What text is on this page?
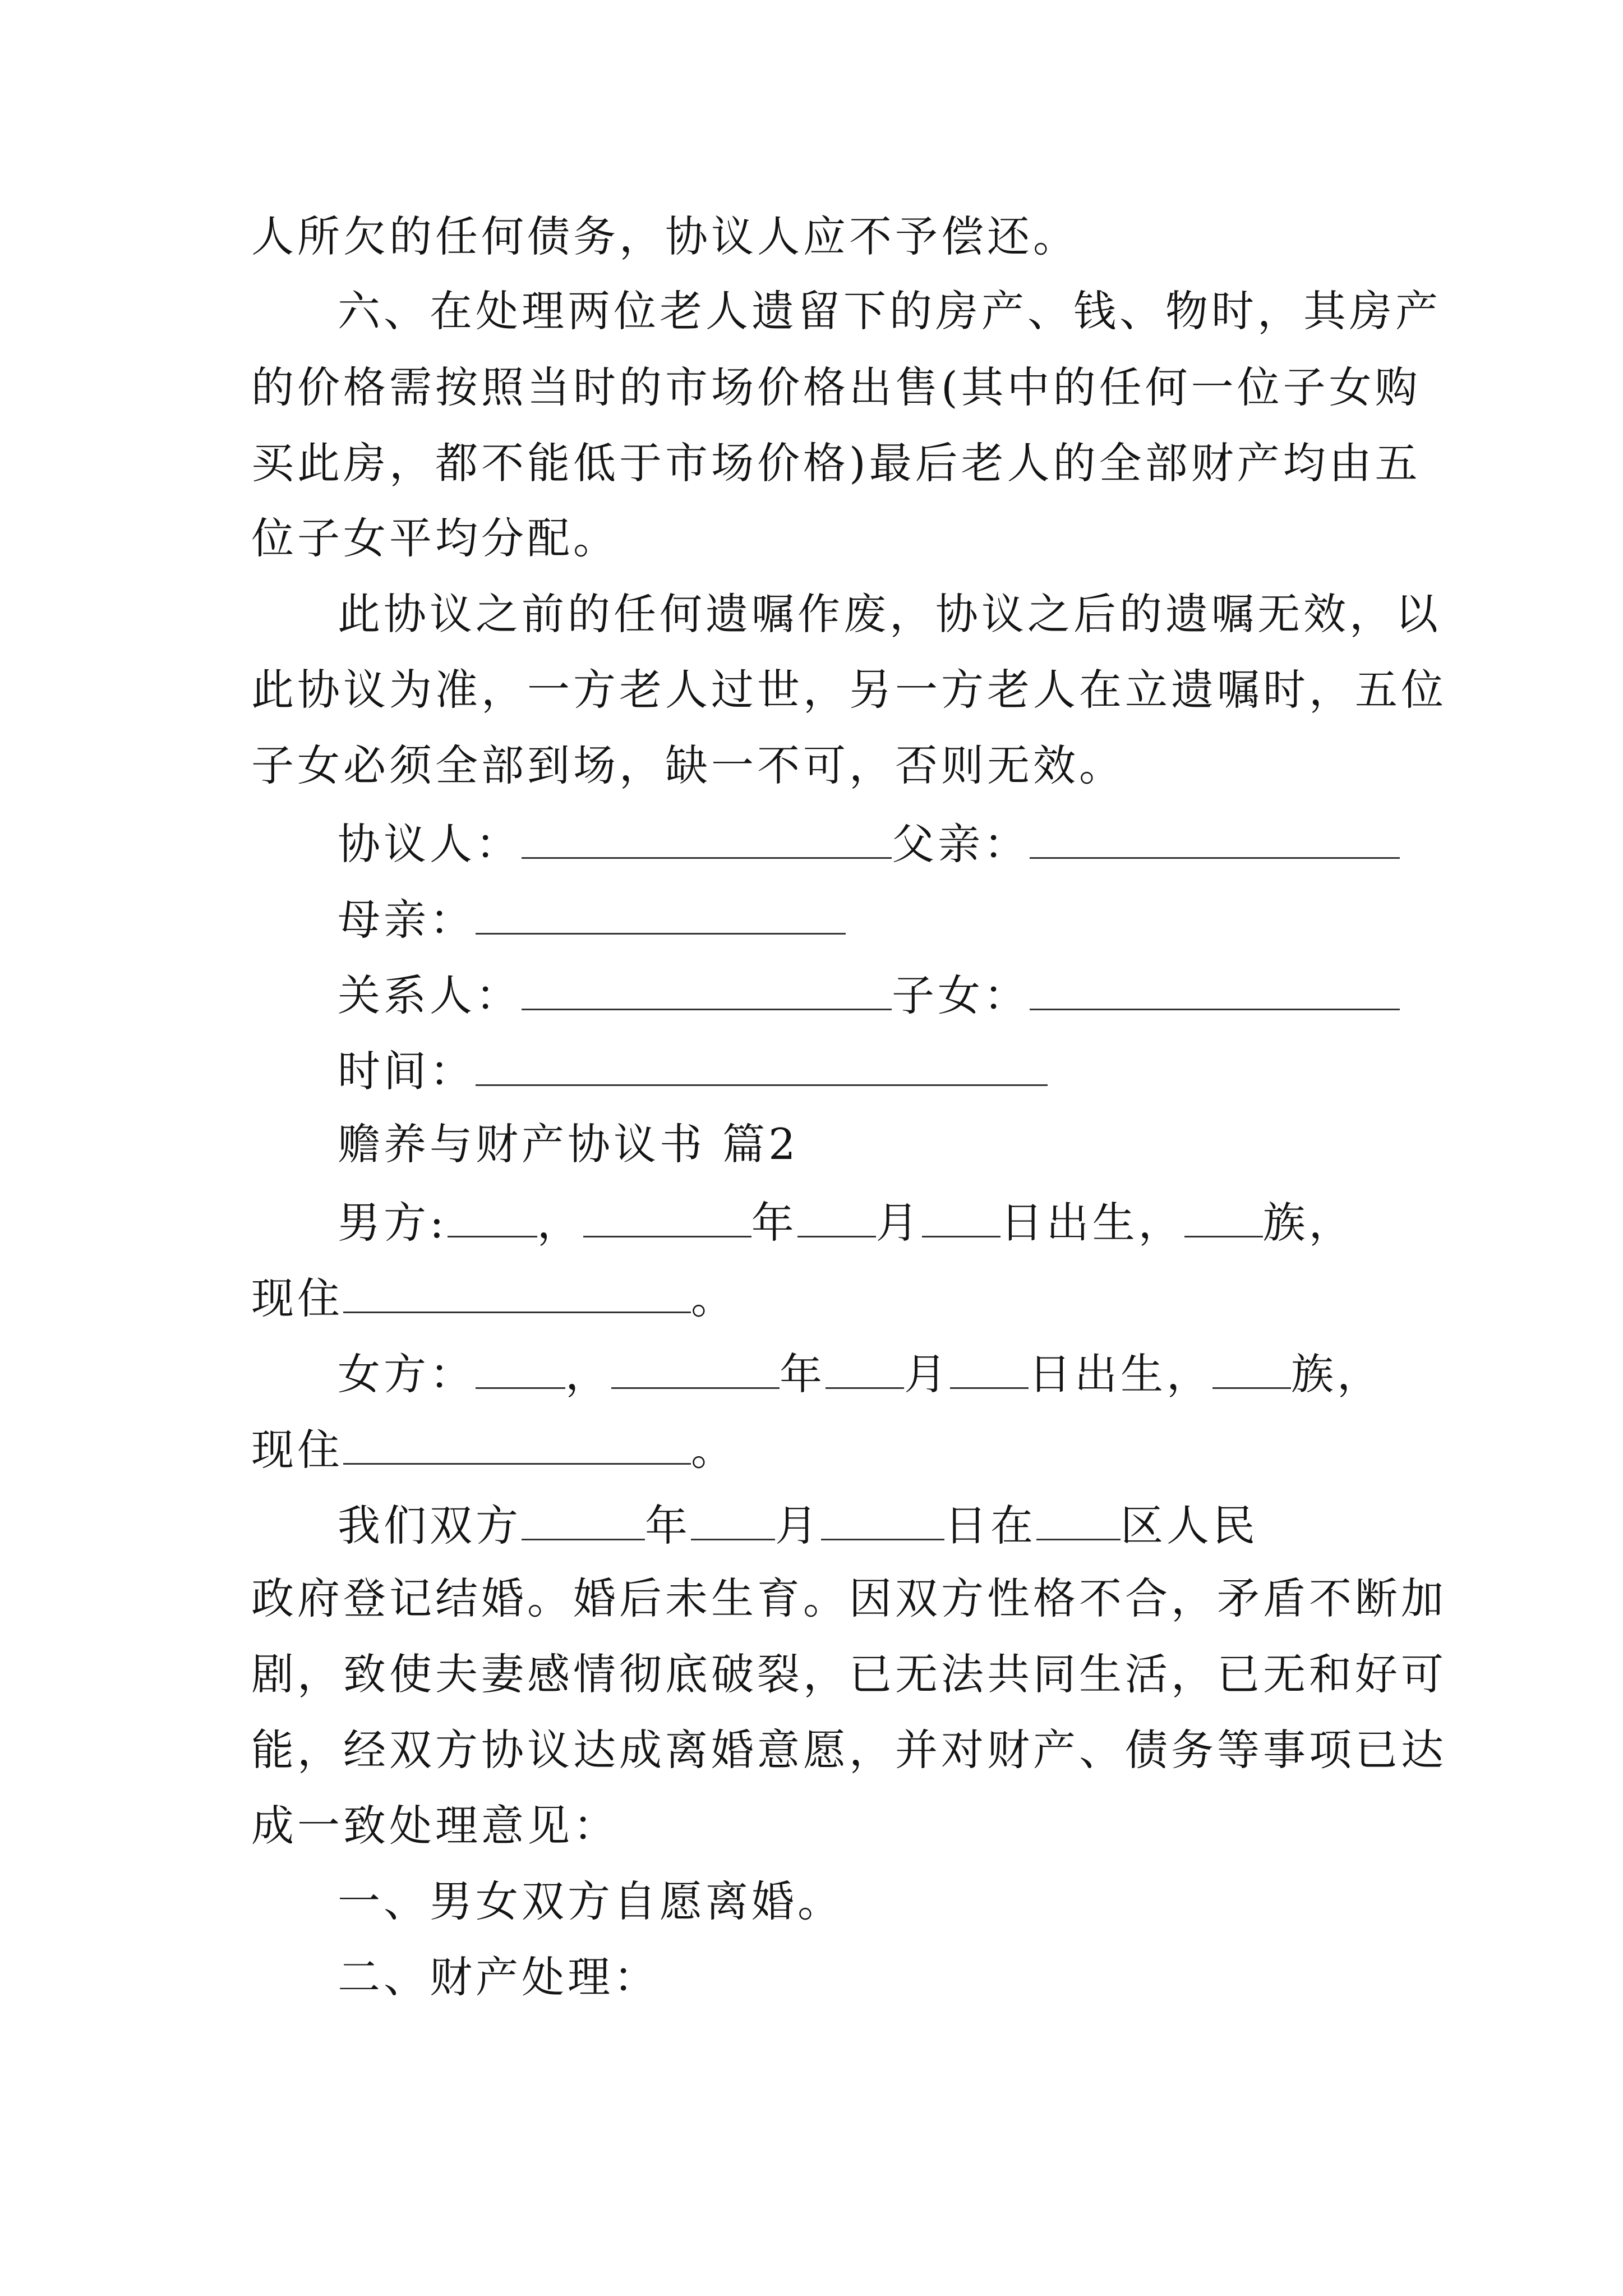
人所欠的任何债务，协议人应不予偿还。
六、在处理两位老人遗留下的房产、钱、物时，其房产
的价格需按照当时的市场价格出售(其中的任何一位子女购
买此房，都不能低于市场价格)最后老人的全部财产均由五
位子女平均分配。
此协议之前的任何遗嘱作废，协议之后的遗嘱无效，以
此协议为准，一方老人过世，另一方老人在立遗嘱时，五位
子女必须全部到场，缺一不可，否则无效。
协议人：	父亲：
母亲：
关系人：	子女：
时间：
赡养与财产协议书 篇2
男方: ，	年 月 日出生， 族，
现住	。
女方： ，	年 月 日出生， 族，
现住	。
我们双方	年 月	日在 区人民
政府登记结婚。婚后未生育。因双方性格不合，矛盾不断加
剧，致使夫妻感情彻底破裂，已无法共同生活，已无和好可
能，经双方协议达成离婚意愿，并对财产、债务等事项已达
成一致处理意见：
一、男女双方自愿离婚。
二、财产处理：
